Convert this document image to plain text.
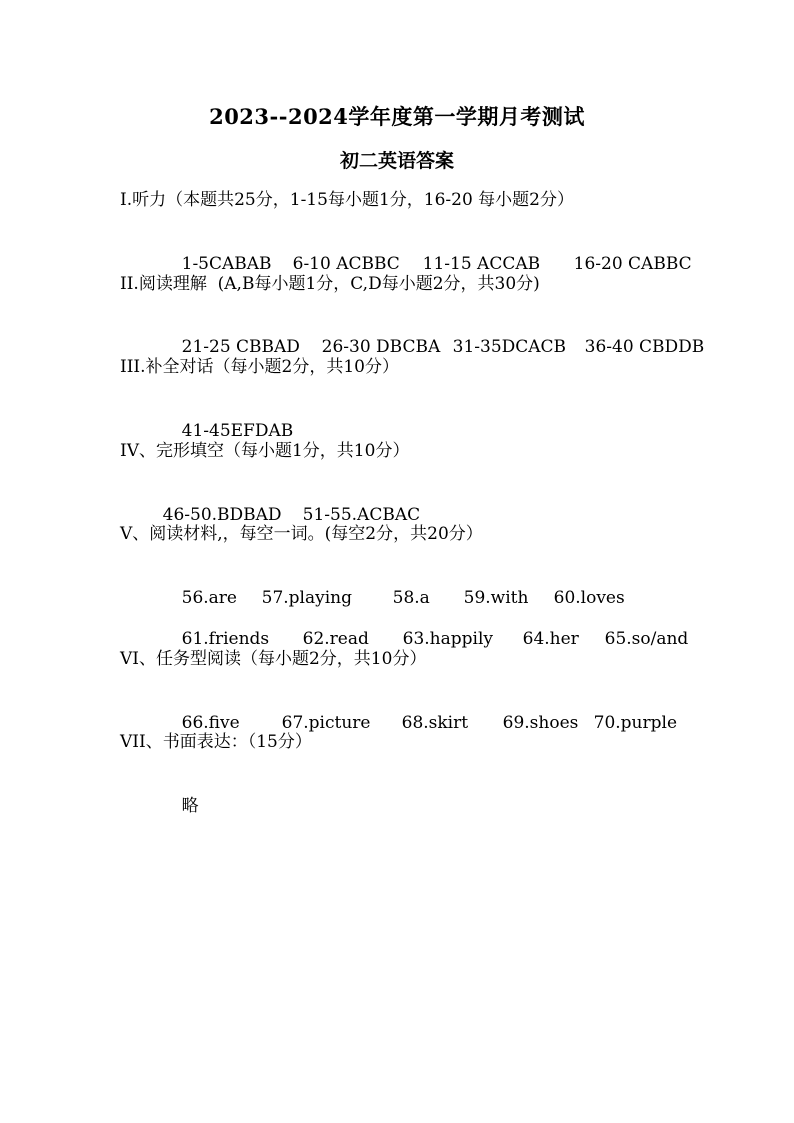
2023--2024学年度第一学期月考测试
初二英语答案
I.听力（本题共25分，1-15每小题1分，16-20 每小题2分）

1-5CABAB 6-10 ACBBC 11-15 ACCAB 16-20 CABBC

II.阅读理解  (A,B每小题1分，C,D每小题2分，共30分)

21-25 CBBAD 26-30 DBCBA 31-35DCACB 36-40 CBDDB

III.补全对话（每小题2分，共10分）

41-45EFDAB

IV、完形填空（每小题1分，共10分）

46-50.BDBAD 51-55.ACBAC

V、阅读材料,，每空一词。(每空2分，共20分）

56.are 57.playing 58.a 59.with 60.loves

61.friends 62.read 63.happily 64.her 65.so/and

VI、任务型阅读（每小题2分，共10分）

66.five 67.picture 68.skirt 69.shoes 70.purple

VII、书面表达：（15分）

略
